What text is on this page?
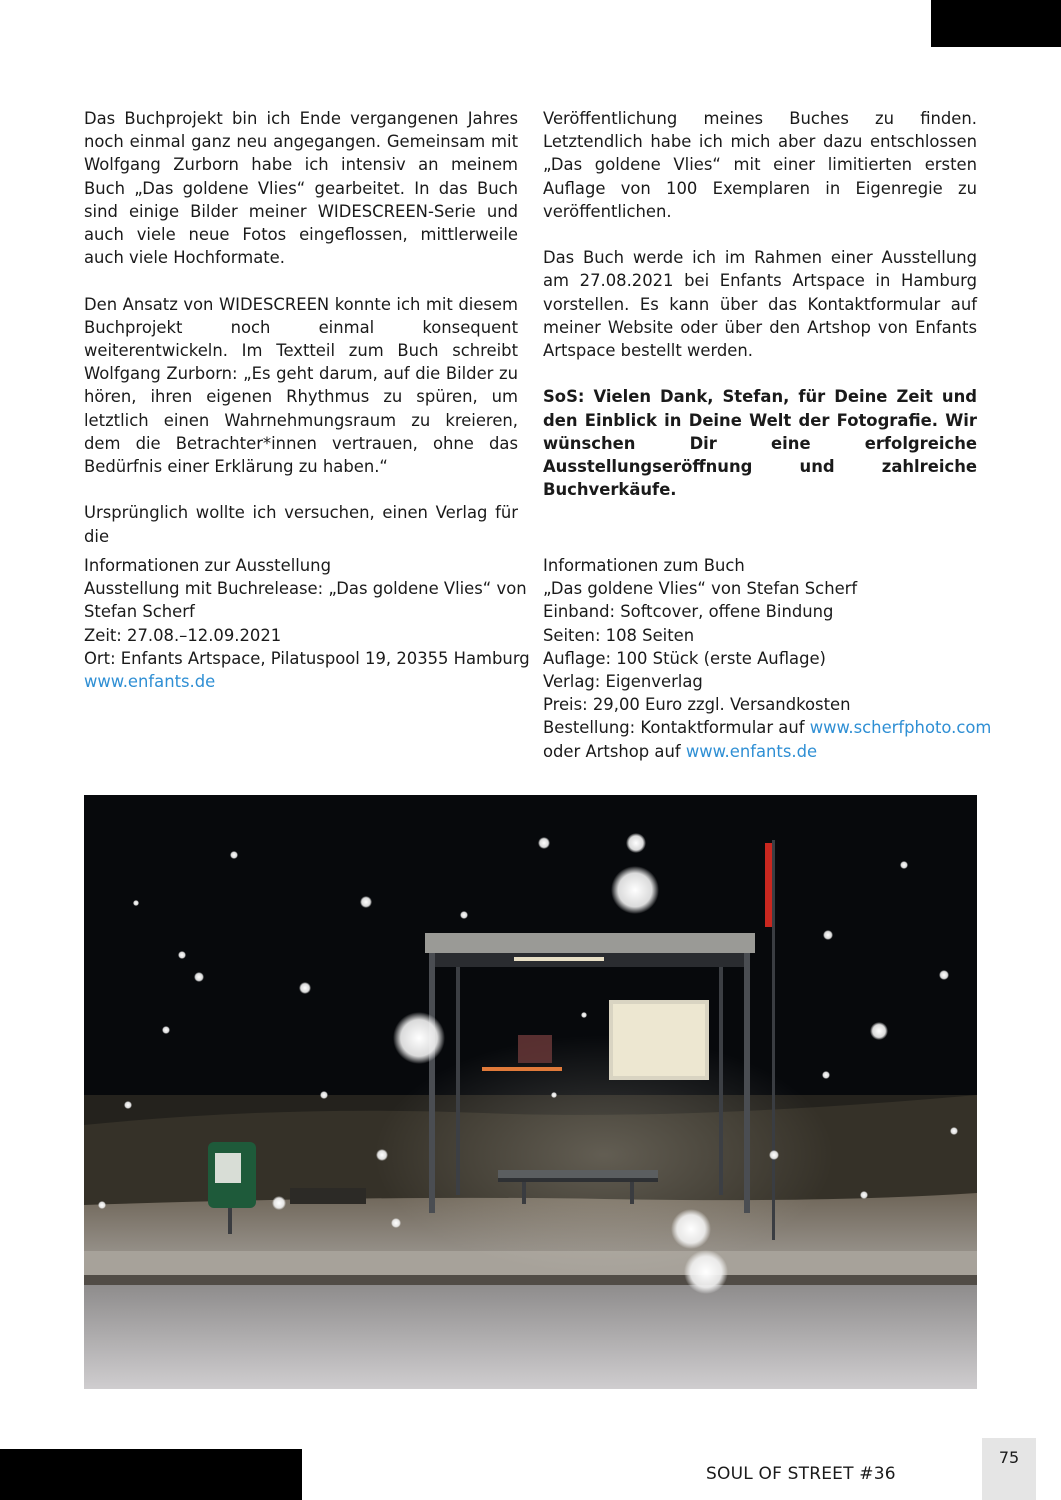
Das Buchprojekt bin ich Ende vergangenen Jahres noch einmal ganz neu angegangen. Gemeinsam mit Wolfgang Zurborn habe ich intensiv an meinem Buch „Das goldene Vlies“ gearbeitet. In das Buch sind einige Bilder meiner WIDESCREEN-Serie und auch viele neue Fotos eingeflossen, mittlerweile auch viele Hochformate.

Den Ansatz von WIDESCREEN konnte ich mit diesem Buchprojekt noch einmal konsequent weiterentwickeln. Im Textteil zum Buch schreibt Wolfgang Zurborn: „Es geht darum, auf die Bilder zu hören, ihren eigenen Rhythmus zu spüren, um letztlich einen Wahrnehmungsraum zu kreieren, dem die Betrachter*innen vertrauen, ohne das Bedürfnis einer Erklärung zu haben.“

Ursprünglich wollte ich versuchen, einen Verlag für die

Veröffentlichung meines Buches zu finden. Letztendlich habe ich mich aber dazu entschlossen „Das goldene Vlies“ mit einer limitierten ersten Auflage von 100 Exemplaren in Eigenregie zu veröffentlichen.

Das Buch werde ich im Rahmen einer Ausstellung am 27.08.2021 bei Enfants Artspace in Hamburg vorstellen. Es kann über das Kontaktformular auf meiner Website oder über den Artshop von Enfants Artspace bestellt werden.

SoS: Vielen Dank, Stefan, für Deine Zeit und den Einblick in Deine Welt der Fotografie. Wir wünschen Dir eine erfolgreiche Ausstellungseröffnung und zahlreiche Buchverkäufe.

Informationen zur Ausstellung
Ausstellung mit Buchrelease: „Das goldene Vlies“ von
Stefan Scherf
Zeit: 27.08.–12.09.2021
Ort: Enfants Artspace, Pilatuspool 19, 20355 Hamburg
www.enfants.de
Informationen zum Buch
„Das goldene Vlies“ von Stefan Scherf
Einband: Softcover, offene Bindung
Seiten: 108 Seiten
Auflage: 100 Stück (erste Auflage)
Verlag: Eigenverlag
Preis: 29,00 Euro zzgl. Versandkosten
Bestellung: Kontaktformular auf www.scherfphoto.com
oder Artshop auf www.enfants.de
SOUL OF STREET #36
75
